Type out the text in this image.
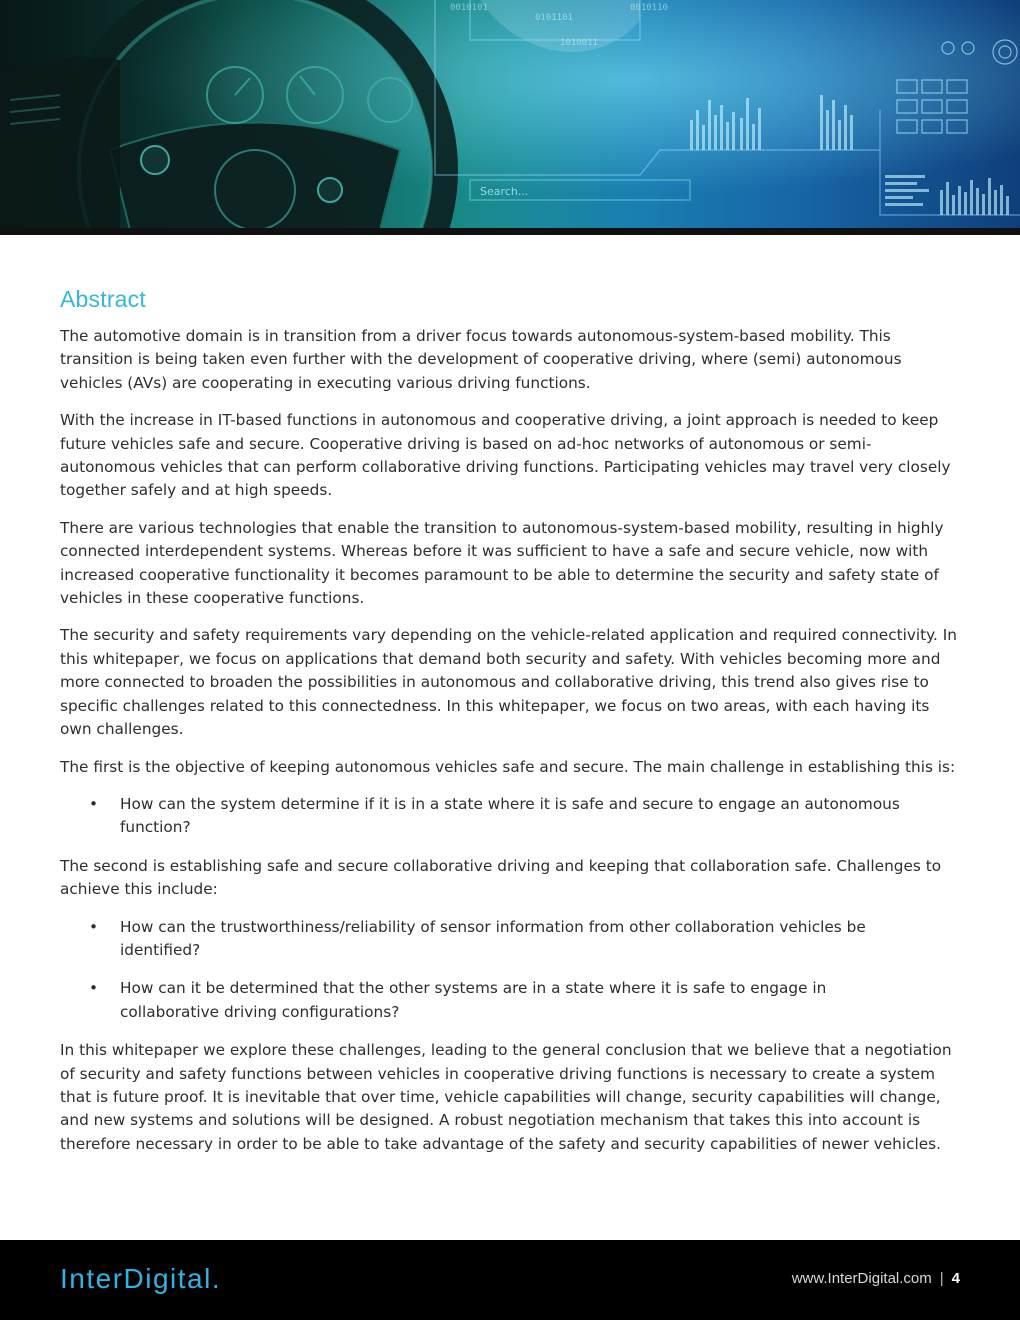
Search...
0010101
0101101
1010011
0010110
Abstract

The automotive domain is in transition from a driver focus towards autonomous-system-based mobility. This transition is being taken even further with the development of cooperative driving, where (semi) autonomous vehicles (AVs) are cooperating in executing various driving functions.

With the increase in IT-based functions in autonomous and cooperative driving, a joint approach is needed to keep future vehicles safe and secure. Cooperative driving is based on ad-hoc networks of autonomous or semi-autonomous vehicles that can perform collaborative driving functions. Participating vehicles may travel very closely together safely and at high speeds.

There are various technologies that enable the transition to autonomous-system-based mobility, resulting in highly connected interdependent systems. Whereas before it was sufficient to have a safe and secure vehicle, now with increased cooperative functionality it becomes paramount to be able to determine the security and safety state of vehicles in these cooperative functions.

The security and safety requirements vary depending on the vehicle-related application and required connectivity. In this whitepaper, we focus on applications that demand both security and safety. With vehicles becoming more and more connected to broaden the possibilities in autonomous and collaborative driving, this trend also gives rise to specific challenges related to this connectedness. In this whitepaper, we focus on two areas, with each having its own challenges.

The first is the objective of keeping autonomous vehicles safe and secure. The main challenge in establishing this is:

• How can the system determine if it is in a state where it is safe and secure to engage an autonomous function?

The second is establishing safe and secure collaborative driving and keeping that collaboration safe. Challenges to achieve this include:

• How can the trustworthiness/reliability of sensor information from other collaboration vehicles be identified?
• How can it be determined that the other systems are in a state where it is safe to engage in collaborative driving configurations?

In this whitepaper we explore these challenges, leading to the general conclusion that we believe that a negotiation of security and safety functions between vehicles in cooperative driving functions is necessary to create a system that is future proof. It is inevitable that over time, vehicle capabilities will change, security capabilities will change, and new systems and solutions will be designed. A robust negotiation mechanism that takes this into account is therefore necessary in order to be able to take advantage of the safety and security capabilities of newer vehicles.

InterDigital.	www.InterDigital.com | 4
